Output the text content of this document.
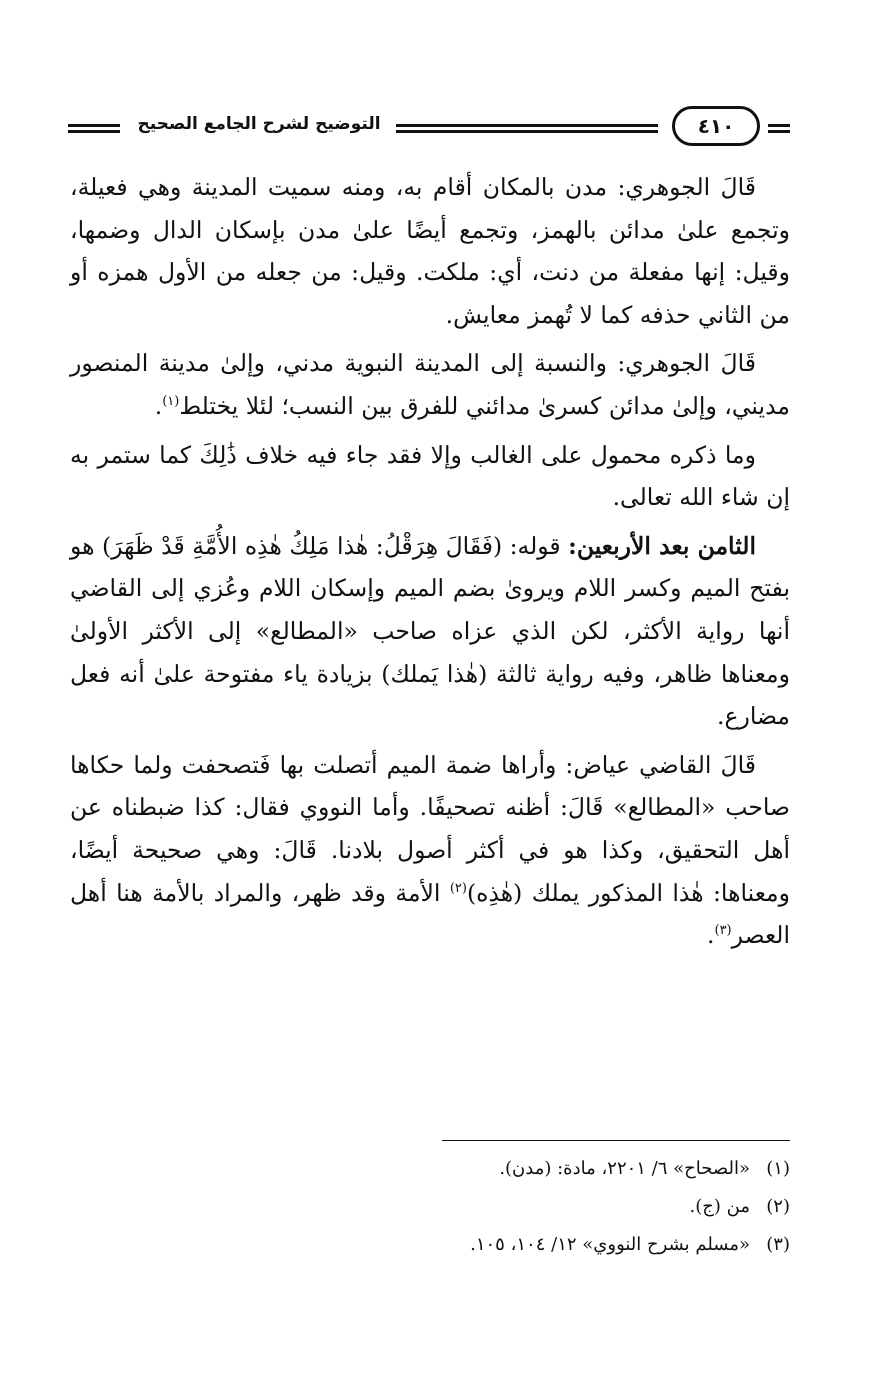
التوضيح لشرح الجامع الصحيح	٤١٠

قَالَ الجوهري: مدن بالمكان أقام به، ومنه سميت المدينة وهي فعيلة، وتجمع علىٰ مدائن بالهمز، وتجمع أيضًا علىٰ مدن بإسكان الدال وضمها، وقيل: إنها مفعلة من دنت، أي: ملكت. وقيل: من جعله من الأول همزه أو من الثاني حذفه كما لا تُهمز معايش.

قَالَ الجوهري: والنسبة إلى المدينة النبوية مدني، وإلىٰ مدينة المنصور مديني، وإلىٰ مدائن كسرىٰ مدائني للفرق بين النسب؛ لئلا يختلط$^{(١)}$.

وما ذكره محمول على الغالب وإلا فقد جاء فيه خلاف ذَٰلِكَ كما ستمر به إن شاء الله تعالى.

الثامن بعد الأربعين: قوله: (فَقَالَ هِرَقْلُ: هٰذا مَلِكُ هٰذِه الأُمَّةِ قَدْ ظَهَرَ) هو بفتح الميم وكسر اللام ويروىٰ بضم الميم وإسكان اللام وعُزي إلى القاضي أنها رواية الأكثر، لكن الذي عزاه صاحب «المطالع» إلى الأكثر الأولىٰ ومعناها ظاهر، وفيه رواية ثالثة (هٰذا يَملك) بزيادة ياء مفتوحة علىٰ أنه فعل مضارع.

قَالَ القاضي عياض: وأراها ضمة الميم أتصلت بها فَتصحفت ولما حكاها صاحب «المطالع» قَالَ: أظنه تصحيفًا. وأما النووي فقال: كذا ضبطناه عن أهل التحقيق، وكذا هو في أكثر أصول بلادنا. قَالَ: وهي صحيحة أيضًا، ومعناها: هٰذا المذكور يملك (هٰذِه)$^{(٢)}$ الأمة وقد ظهر، والمراد بالأمة هنا أهل العصر$^{(٣)}$.

(١)«الصحاح» ٦/ ٢٢٠١، مادة: (مدن).
(٢)من (ج).
(٣)«مسلم بشرح النووي» ١٢/ ١٠٤، ١٠٥.
